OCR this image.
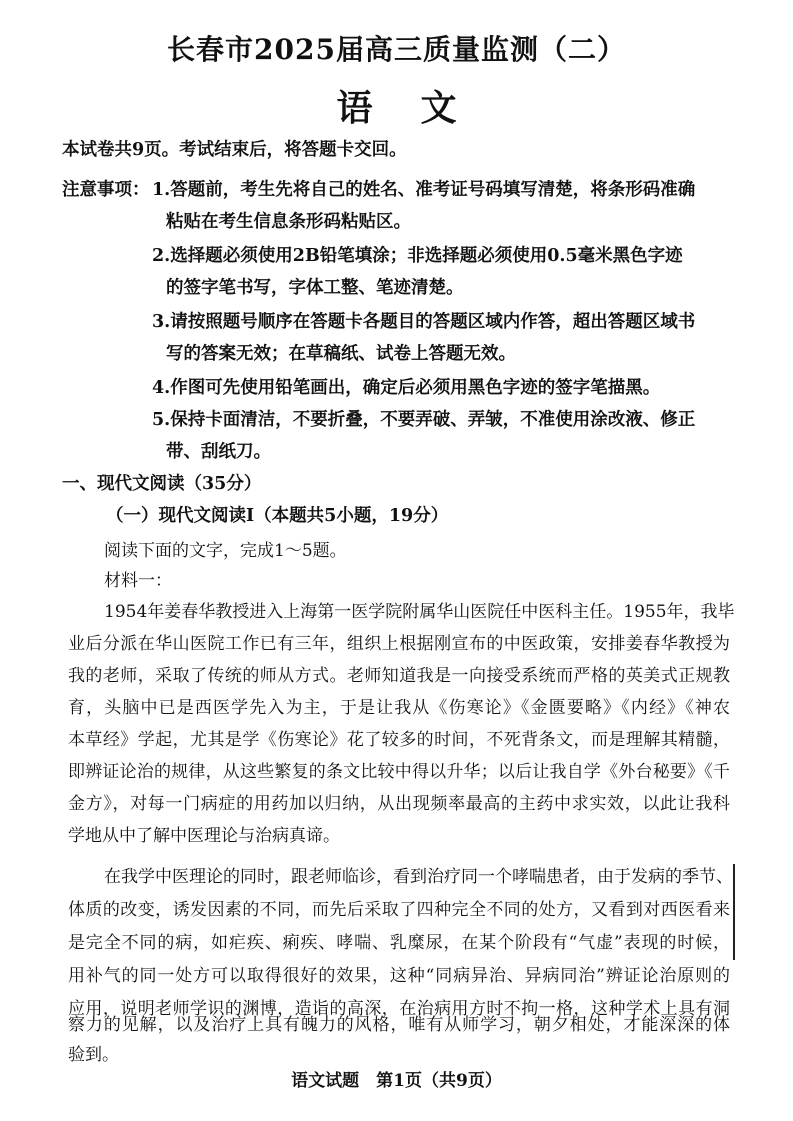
长春市2025届高三质量监测（二）
语文
本试卷共9页。考试结束后，将答题卡交回。
注意事项： 1.答题前，考生先将自己的姓名、准考证号码填写清楚，将条形码准确
粘贴在考生信息条形码粘贴区。
2.选择题必须使用2B铅笔填涂；非选择题必须使用0.5毫米黑色字迹
的签字笔书写，字体工整、笔迹清楚。
3.请按照题号顺序在答题卡各题目的答题区域内作答，超出答题区域书
写的答案无效；在草稿纸、试卷上答题无效。
4.作图可先使用铅笔画出，确定后必须用黑色字迹的签字笔描黑。
5.保持卡面清洁，不要折叠，不要弄破、弄皱，不准使用涂改液、修正
带、刮纸刀。
一、现代文阅读（35分）
（一）现代文阅读Ⅰ（本题共5小题，19分）
阅读下面的文字，完成1～5题。
材料一：
1954年姜春华教授进入上海第一医学院附属华山医院任中医科主任。1955年，我毕
业后分派在华山医院工作已有三年，组织上根据刚宣布的中医政策，安排姜春华教授为
我的老师，采取了传统的师从方式。老师知道我是一向接受系统而严格的英美式正规教
育，头脑中已是西医学先入为主，于是让我从《伤寒论》《金匮要略》《内经》《神农
本草经》学起，尤其是学《伤寒论》花了较多的时间，不死背条文，而是理解其精髓，
即辨证论治的规律，从这些繁复的条文比较中得以升华；以后让我自学《外台秘要》《千
金方》，对每一门病症的用药加以归纳，从出现频率最高的主药中求实效，以此让我科
学地从中了解中医理论与治病真谛。
在我学中医理论的同时，跟老师临诊，看到治疗同一个哮喘患者，由于发病的季节、
体质的改变，诱发因素的不同，而先后采取了四种完全不同的处方，又看到对西医看来
是完全不同的病，如疟疾、痢疾、哮喘、乳糜尿，在某个阶段有“气虚”表现的时候，
用补气的同一处方可以取得很好的效果，这种“同病异治、异病同治”辨证论治原则的
应用，说明老师学识的渊博，造诣的高深，在治病用方时不拘一格，这种学术上具有洞
察力的见解，以及治疗上具有魄力的风格，唯有从师学习，朝夕相处，才能深深的体
语文试题　第1页（共9页）
验到。
